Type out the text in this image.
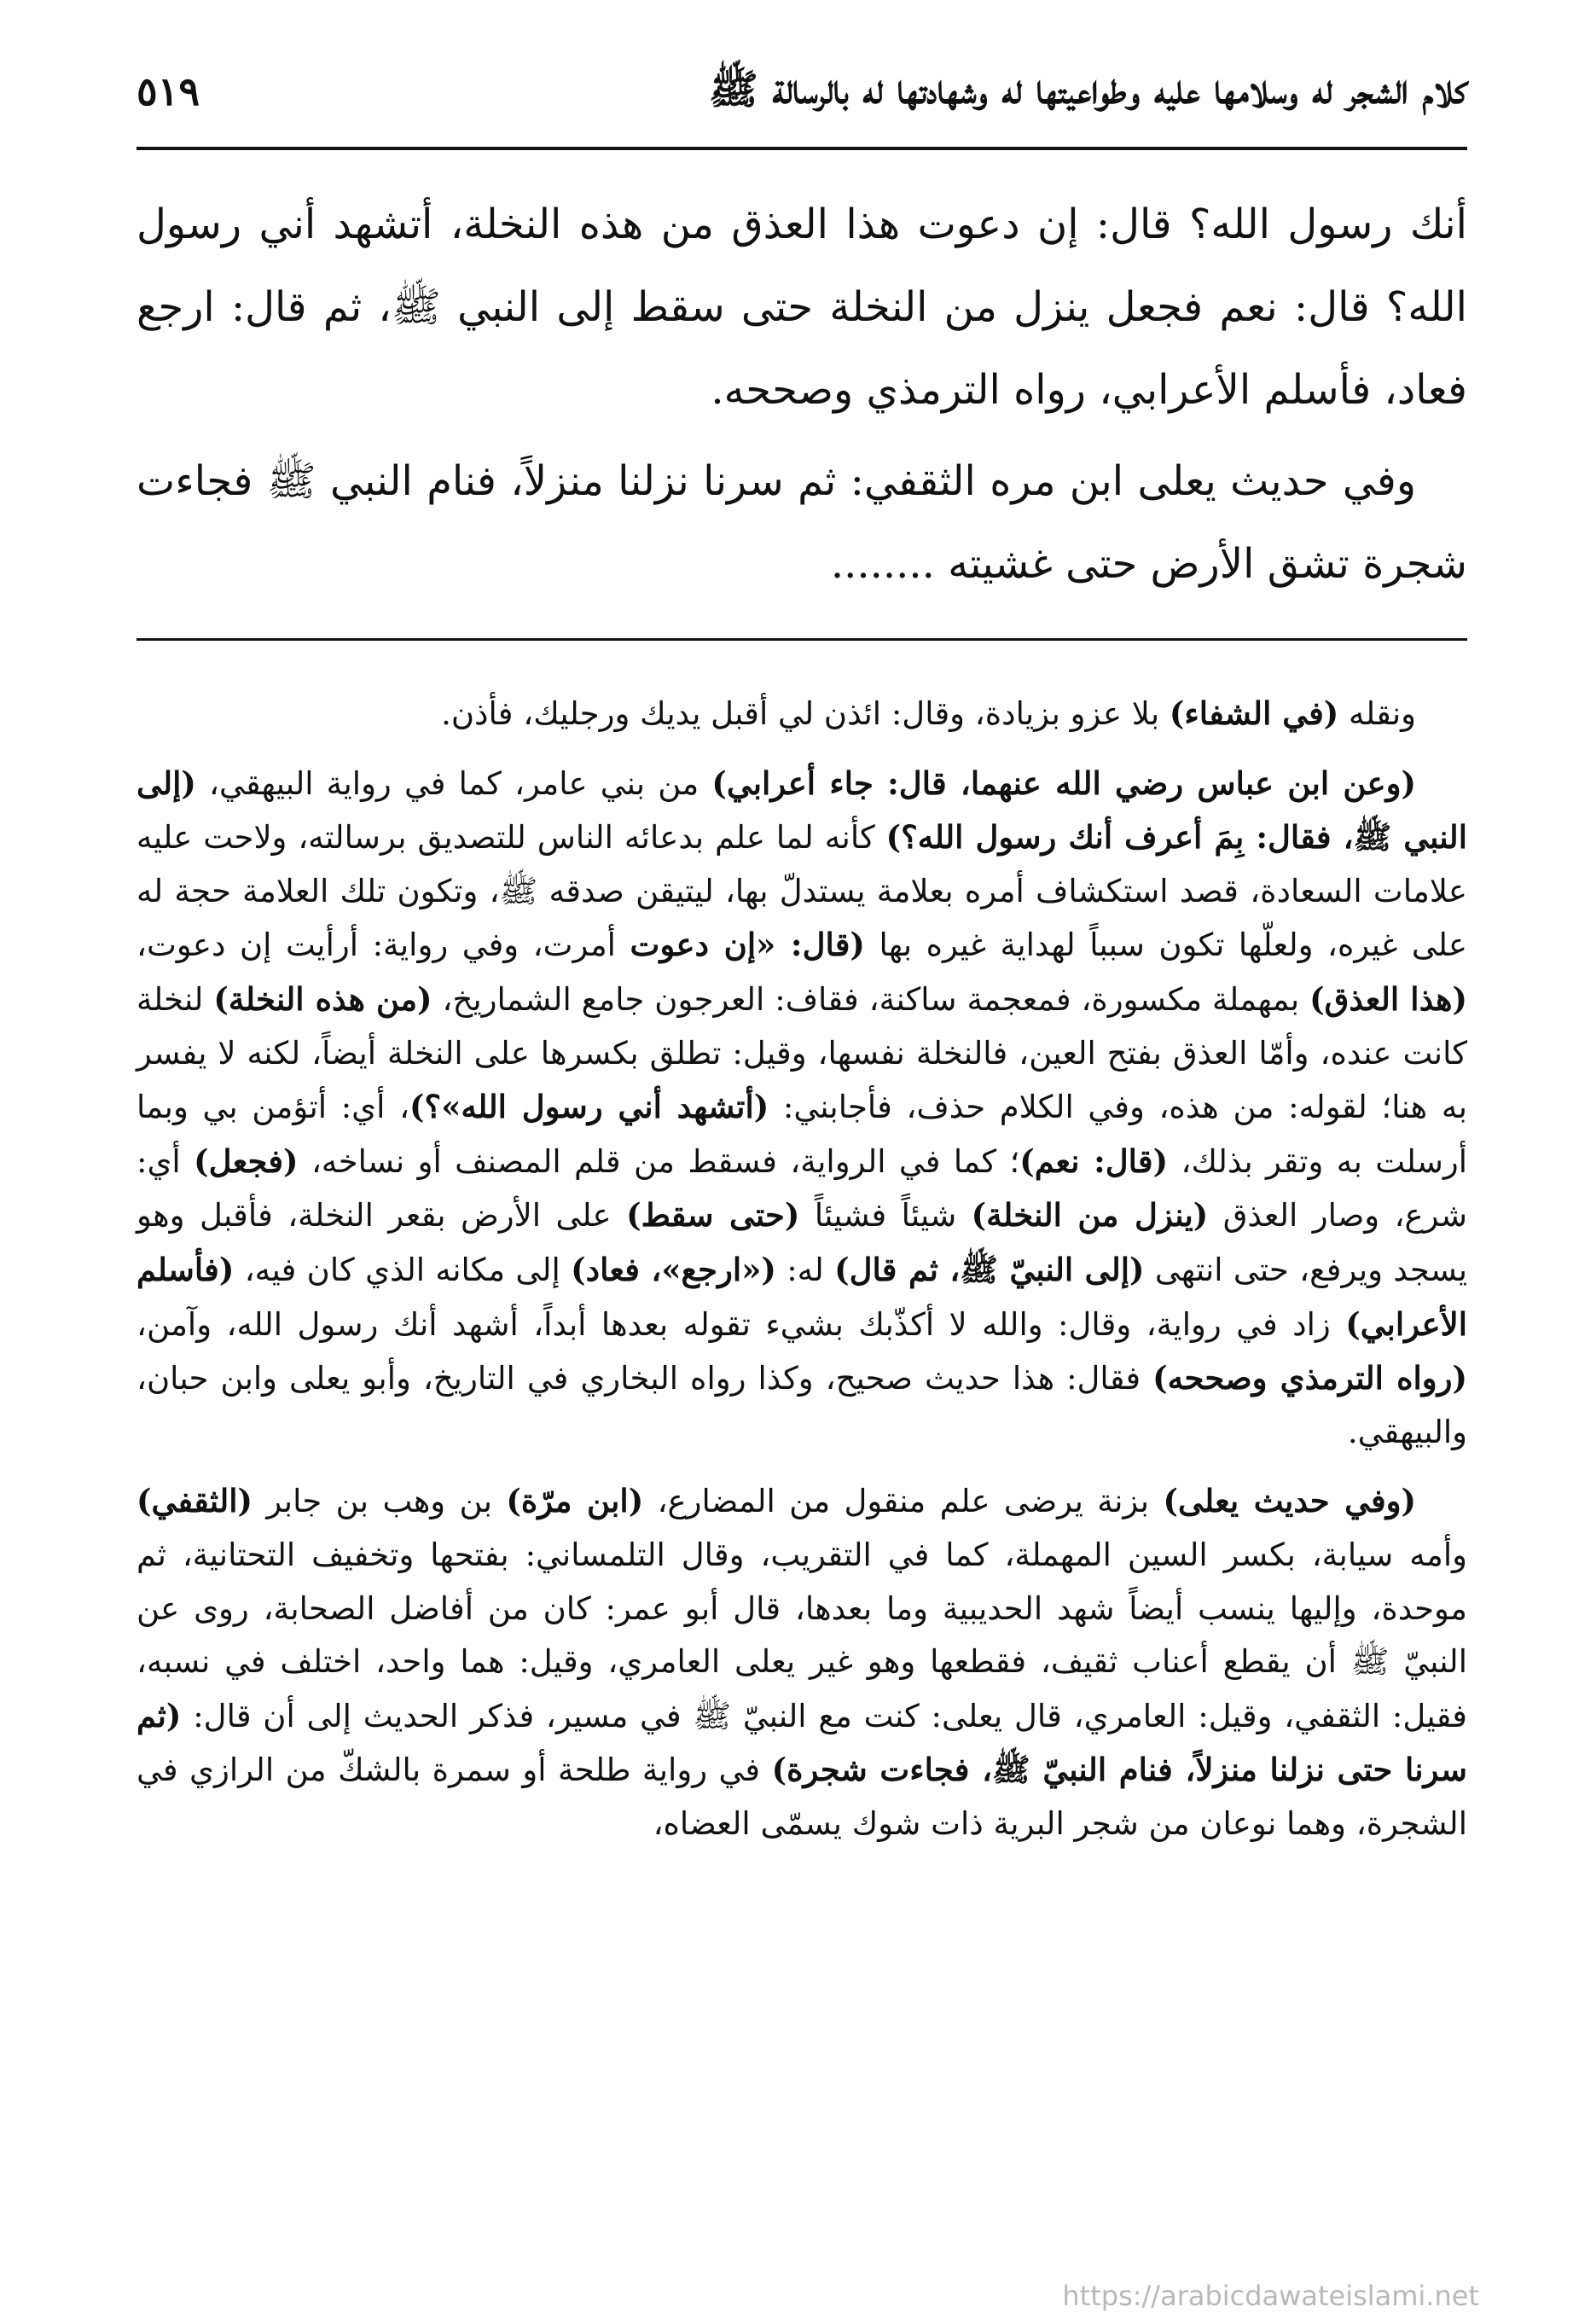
كلام الشجر له وسلامها عليه وطواعيتها له وشهادتها له بالرسالة ﷺ
٥١٩

أنك رسول الله؟ قال: إن دعوت هذا العذق من هذه النخلة، أتشهد أني رسول الله؟ قال: نعم فجعل ينزل من النخلة حتى سقط إلى النبي ﷺ، ثم قال: ارجع فعاد، فأسلم الأعرابي، رواه الترمذي وصححه.

وفي حديث يعلى ابن مره الثقفي: ثم سرنا نزلنا منزلاً، فنام النبي ﷺ فجاءت شجرة تشق الأرض حتى غشيته ........

ونقله (في الشفاء) بلا عزو بزيادة، وقال: ائذن لي أقبل يديك ورجليك، فأذن.

(وعن ابن عباس رضي الله عنهما، قال: جاء أعرابي) من بني عامر، كما في رواية البيهقي، (إلى النبي ﷺ، فقال: بِمَ أعرف أنك رسول الله؟) كأنه لما علم بدعائه الناس للتصديق برسالته، ولاحت عليه علامات السعادة، قصد استكشاف أمره بعلامة يستدلّ بها، ليتيقن صدقه ﷺ، وتكون تلك العلامة حجة له على غيره، ولعلّها تكون سبباً لهداية غيره بها (قال: «إن دعوت أمرت، وفي رواية: أرأيت إن دعوت، (هذا العذق) بمهملة مكسورة، فمعجمة ساكنة، فقاف: العرجون جامع الشماريخ، (من هذه النخلة) لنخلة كانت عنده، وأمّا العذق بفتح العين، فالنخلة نفسها، وقيل: تطلق بكسرها على النخلة أيضاً، لكنه لا يفسر به هنا؛ لقوله: من هذه، وفي الكلام حذف، فأجابني: (أتشهد أني رسول الله»؟)، أي: أتؤمن بي وبما أرسلت به وتقر بذلك، (قال: نعم)؛ كما في الرواية، فسقط من قلم المصنف أو نساخه، (فجعل) أي: شرع، وصار العذق (ينزل من النخلة) شيئاً فشيئاً (حتى سقط) على الأرض بقعر النخلة، فأقبل وهو يسجد ويرفع، حتى انتهى (إلى النبيّ ﷺ، ثم قال) له: («ارجع»، فعاد) إلى مكانه الذي كان فيه، (فأسلم الأعرابي) زاد في رواية، وقال: والله لا أكذّبك بشيء تقوله بعدها أبداً، أشهد أنك رسول الله، وآمن، (رواه الترمذي وصححه) فقال: هذا حديث صحيح، وكذا رواه البخاري في التاريخ، وأبو يعلى وابن حبان، والبيهقي.

(وفي حديث يعلى) بزنة يرضى علم منقول من المضارع، (ابن مرّة) بن وهب بن جابر (الثقفي) وأمه سيابة، بكسر السين المهملة، كما في التقريب، وقال التلمساني: بفتحها وتخفيف التحتانية، ثم موحدة، وإليها ينسب أيضاً شهد الحديبية وما بعدها، قال أبو عمر: كان من أفاضل الصحابة، روى عن النبيّ ﷺ أن يقطع أعناب ثقيف، فقطعها وهو غير يعلى العامري، وقيل: هما واحد، اختلف في نسبه، فقيل: الثقفي، وقيل: العامري، قال يعلى: كنت مع النبيّ ﷺ في مسير، فذكر الحديث إلى أن قال: (ثم سرنا حتى نزلنا منزلاً، فنام النبيّ ﷺ، فجاءت شجرة) في رواية طلحة أو سمرة بالشكّ من الرازي في الشجرة، وهما نوعان من شجر البرية ذات شوك يسمّى العضاه،

https://arabicdawateislami.net
